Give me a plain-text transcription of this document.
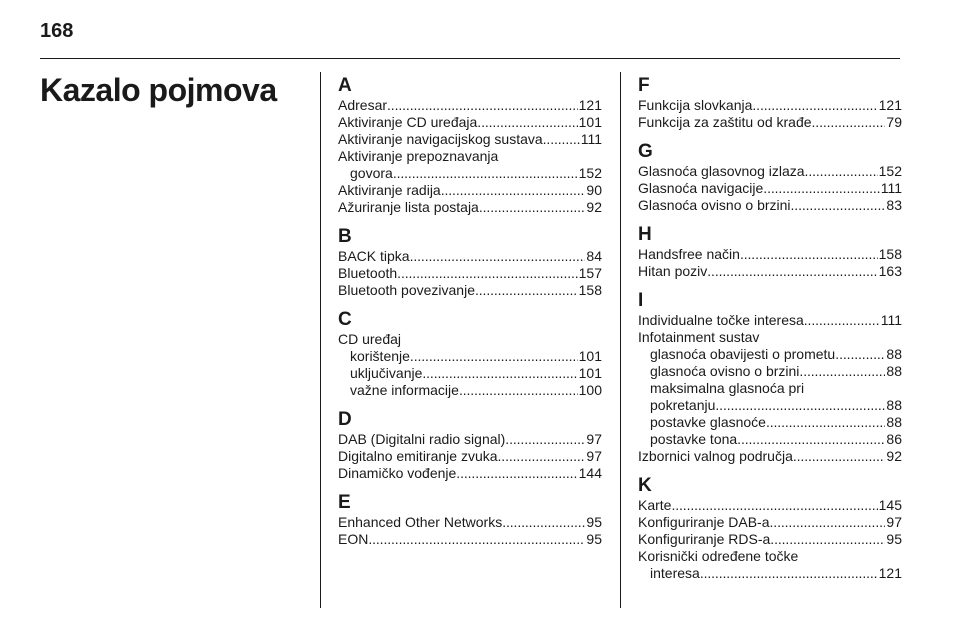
168
Kazalo pojmova	A
Adresar . . .	121
Aktiviranje CD uređaja . . .	101
Aktiviranje navigacijskog sustava . . .	111
Aktiviranje prepoznavanja
govora . . .	152
Aktiviranje radija . . .	90
Ažuriranje lista postaja . . .	92
B
BACK tipka . . .	84
Bluetooth . . .	157
Bluetooth povezivanje . . .	158
C
CD uređaj
korištenje . . .	101
uključivanje . . .	101
važne informacije . . .	100
D
DAB (Digitalni radio signal) . . .	97
Digitalno emitiranje zvuka . . .	97
Dinamičko vođenje . . .	144
E
Enhanced Other Networks . . .	95
EON . . .	95
F
Funkcija slovkanja . . .	121
Funkcija za zaštitu od krađe . . .	79
G
Glasnoća glasovnog izlaza . . .	152
Glasnoća navigacije . . .	111
Glasnoća ovisno o brzini . . .	83
H
Handsfree način . . .	158
Hitan poziv . . .	163
I
Individualne točke interesa . . .	111
Infotainment sustav
glasnoća obavijesti o prometu. . . .	88
glasnoća ovisno o brzini . . .	88
maksimalna glasnoća pri
pokretanju . . .	88
postavke glasnoće . . .	88
postavke tona . . .	86
Izbornici valnog područja . . .	92
K
Karte . . .	145
Konfiguriranje DAB-a . . .	97
Konfiguriranje RDS-a . . .	95
Korisnički određene točke
interesa . . .	121
